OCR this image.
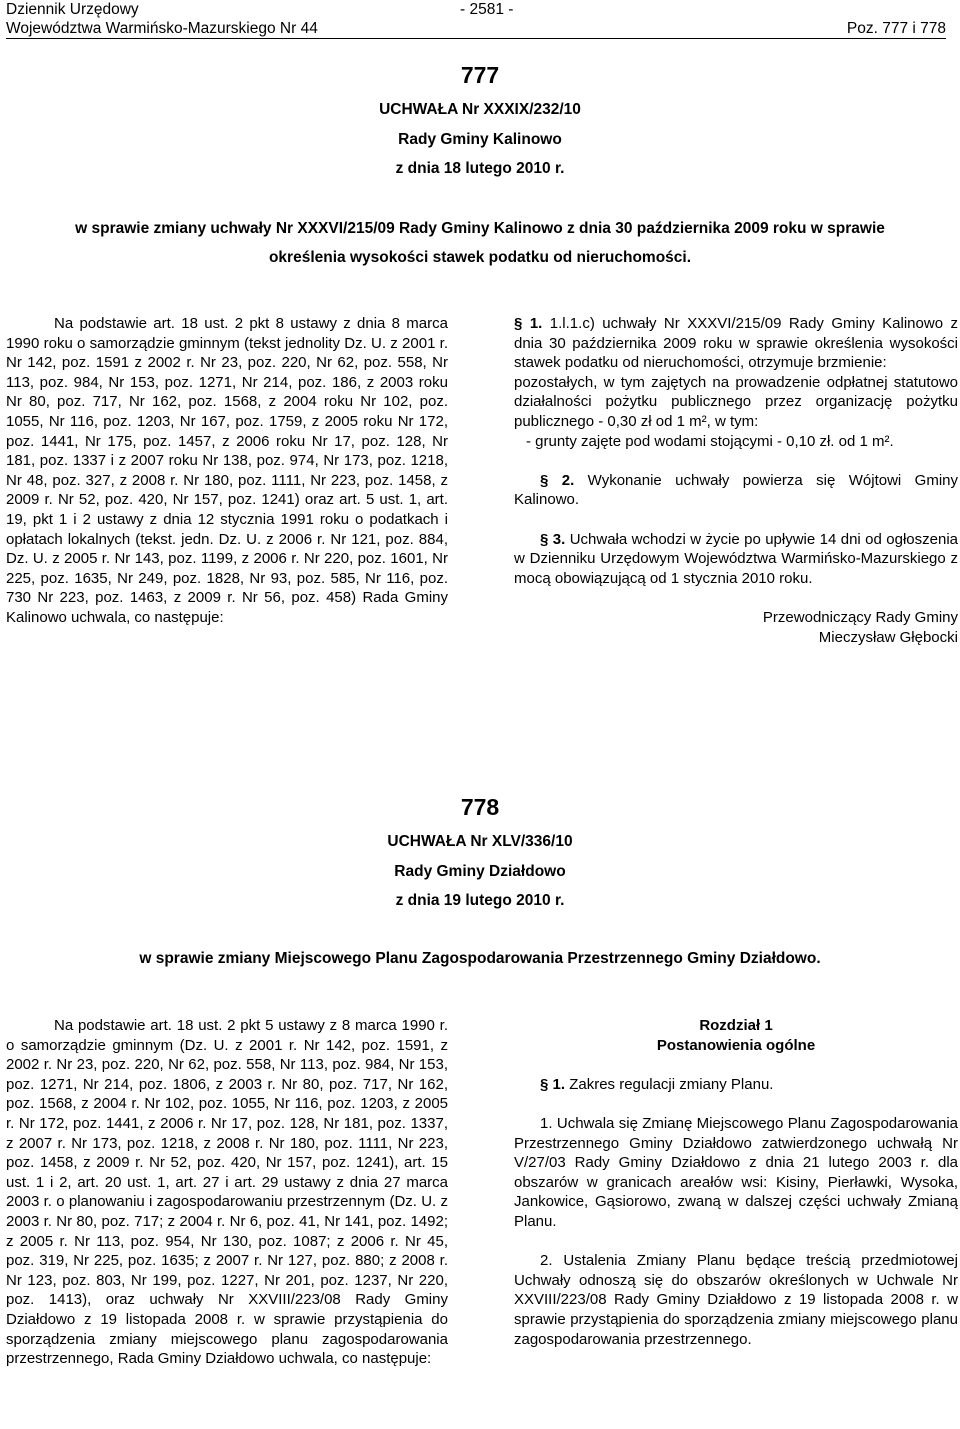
Dziennik Urzędowy
Województwa Warmińsko-Mazurskiego Nr 44
- 2581 -
Poz. 777 i 778
777
UCHWAŁA Nr XXXIX/232/10
Rady Gminy Kalinowo
z dnia 18 lutego 2010 r.
w sprawie zmiany uchwały Nr XXXVI/215/09 Rady Gminy Kalinowo z dnia 30 października 2009 roku w sprawie
określenia wysokości stawek podatku od nieruchomości.
Na podstawie art. 18 ust. 2 pkt 8 ustawy z dnia 8 marca 1990 roku o samorządzie gminnym (tekst jednolity Dz. U. z 2001 r. Nr 142, poz. 1591 z 2002 r. Nr 23, poz. 220, Nr 62, poz. 558, Nr 113, poz. 984, Nr 153, poz. 1271, Nr 214, poz. 186, z 2003 roku Nr 80, poz. 717, Nr 162, poz. 1568, z 2004 roku Nr 102, poz. 1055, Nr 116, poz. 1203, Nr 167, poz. 1759, z 2005 roku Nr 172, poz. 1441, Nr 175, poz. 1457, z 2006 roku Nr 17, poz. 128, Nr 181, poz. 1337 i z 2007 roku Nr 138, poz. 974, Nr 173, poz. 1218, Nr 48, poz. 327, z 2008 r. Nr 180, poz. 1111, Nr 223, poz. 1458, z 2009 r. Nr 52, poz. 420, Nr 157, poz. 1241) oraz art. 5 ust. 1, art. 19, pkt 1 i 2 ustawy z dnia 12 stycznia 1991 roku o podatkach i opłatach lokalnych (tekst. jedn. Dz. U. z 2006 r. Nr 121, poz. 884, Dz. U. z 2005 r. Nr 143, poz. 1199, z 2006 r. Nr 220, poz. 1601, Nr 225, poz. 1635, Nr 249, poz. 1828, Nr 93, poz. 585, Nr 116, poz. 730 Nr 223, poz. 1463, z 2009 r. Nr 56, poz. 458) Rada Gminy Kalinowo uchwala, co następuje:

§ 1. 1.l.1.c) uchwały Nr XXXVI/215/09 Rady Gminy Kalinowo z dnia 30 października 2009 roku w sprawie określenia wysokości stawek podatku od nieruchomości, otrzymuje brzmienie:

pozostałych, w tym zajętych na prowadzenie odpłatnej statutowo działalności pożytku publicznego przez organizację pożytku publicznego - 0,30 zł od 1 m², w tym:

- grunty zajęte pod wodami stojącymi - 0,10 zł. od 1 m².

§ 2. Wykonanie uchwały powierza się Wójtowi Gminy Kalinowo.

§ 3. Uchwała wchodzi w życie po upływie 14 dni od ogłoszenia w Dzienniku Urzędowym Województwa Warmińsko-Mazurskiego z mocą obowiązującą od 1 stycznia 2010 roku.

Przewodniczący Rady Gminy

Mieczysław Głębocki

778
UCHWAŁA Nr XLV/336/10
Rady Gminy Działdowo
z dnia 19 lutego 2010 r.
w sprawie zmiany Miejscowego Planu Zagospodarowania Przestrzennego Gminy Działdowo.
Na podstawie art. 18 ust. 2 pkt 5 ustawy z 8 marca 1990 r. o samorządzie gminnym (Dz. U. z 2001 r. Nr 142, poz. 1591, z 2002 r. Nr 23, poz. 220, Nr 62, poz. 558, Nr 113, poz. 984, Nr 153, poz. 1271, Nr 214, poz. 1806, z 2003 r. Nr 80, poz. 717, Nr 162, poz. 1568, z 2004 r. Nr 102, poz. 1055, Nr 116, poz. 1203, z 2005 r. Nr 172, poz. 1441, z 2006 r. Nr 17, poz. 128, Nr 181, poz. 1337, z 2007 r. Nr 173, poz. 1218, z 2008 r. Nr 180, poz. 1111, Nr 223, poz. 1458, z 2009 r. Nr 52, poz. 420, Nr 157, poz. 1241), art. 15 ust. 1 i 2, art. 20 ust. 1, art. 27 i art. 29 ustawy z dnia 27 marca 2003 r. o planowaniu i zagospodarowaniu przestrzennym (Dz. U. z 2003 r. Nr 80, poz. 717; z 2004 r. Nr 6, poz. 41, Nr 141, poz. 1492; z 2005 r. Nr 113, poz. 954, Nr 130, poz. 1087; z 2006 r. Nr 45, poz. 319, Nr 225, poz. 1635; z 2007 r. Nr 127, poz. 880; z 2008 r. Nr 123, poz. 803, Nr 199, poz. 1227, Nr 201, poz. 1237, Nr 220, poz. 1413), oraz uchwały Nr XXVIII/223/08 Rady Gminy Działdowo z 19 listopada 2008 r. w sprawie przystąpienia do sporządzenia zmiany miejscowego planu zagospodarowania przestrzennego, Rada Gminy Działdowo uchwala, co następuje:

Rozdział 1

Postanowienia ogólne

§ 1. Zakres regulacji zmiany Planu.

1. Uchwala się Zmianę Miejscowego Planu Zagospodarowania Przestrzennego Gminy Działdowo zatwierdzonego uchwałą Nr V/27/03 Rady Gminy Działdowo z dnia 21 lutego 2003 r. dla obszarów w granicach areałów wsi: Kisiny, Pierławki, Wysoka, Jankowice, Gąsiorowo, zwaną w dalszej części uchwały Zmianą Planu.

2. Ustalenia Zmiany Planu będące treścią przedmiotowej Uchwały odnoszą się do obszarów określonych w Uchwale Nr XXVIII/223/08 Rady Gminy Działdowo z 19 listopada 2008 r. w sprawie przystąpienia do sporządzenia zmiany miejscowego planu zagospodarowania przestrzennego.
